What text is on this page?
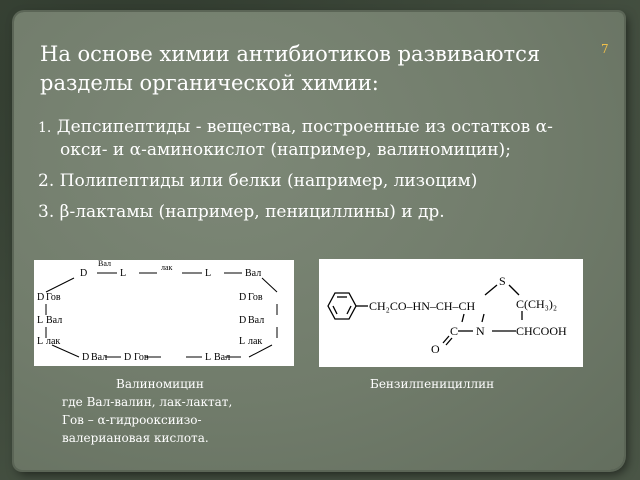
На основе химии антибиотиков развиваются разделы органической химии:
7
1. Депсипептиды - вещества, построенные из остатков α-окси- и α-аминокислот (например, валиномицин);
2. Полипептиды или белки (например, лизоцим)
3. β-лактамы (например, пенициллины) и др.
D
Вал
L
лак
L	Вал
D Гов
L Вал
L лак
D Гов
D Вал
L лак
D Вал D Гов	L Вал
S
CH₂CO–HN–CH–CH	C(CH₃)₂
C N	CHCOOH
O

Валиномицин

где Вал-валин, лак-лактат,

Гов – α-гидрооксиизо-

валериановая кислота.

Бензилпенициллин
